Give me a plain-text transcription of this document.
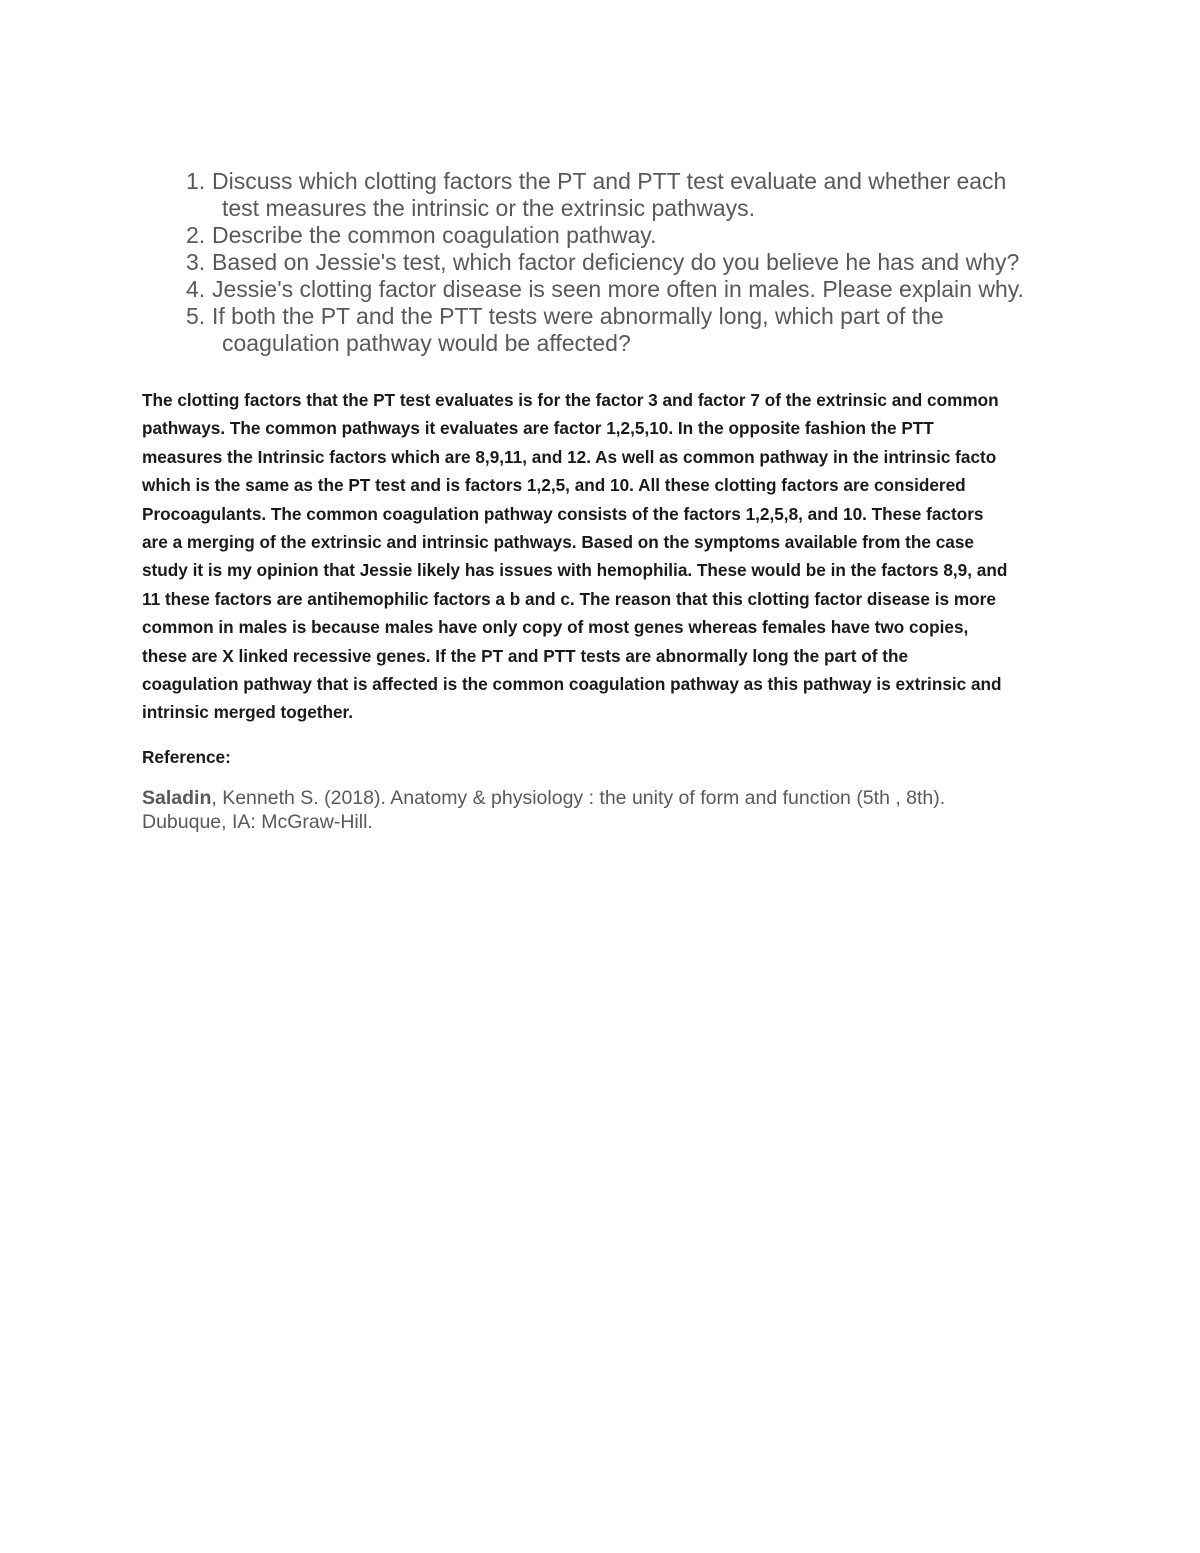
1. Discuss which clotting factors the PT and PTT test evaluate and whether each
test measures the intrinsic or the extrinsic pathways.
2. Describe the common coagulation pathway.
3. Based on Jessie's test, which factor deficiency do you believe he has and why?
4. Jessie's clotting factor disease is seen more often in males. Please explain why.
5. If both the PT and the PTT tests were abnormally long, which part of the
coagulation pathway would be affected?
The clotting factors that the PT test evaluates is for the factor 3 and factor 7 of the extrinsic and common
pathways. The common pathways it evaluates are factor 1,2,5,10. In the opposite fashion the PTT
measures the Intrinsic factors which are 8,9,11, and 12. As well as common pathway in the intrinsic facto
which is the same as the PT test and is factors 1,2,5, and 10. All these clotting factors are considered
Procoagulants. The common coagulation pathway consists of the factors 1,2,5,8, and 10. These factors
are a merging of the extrinsic and intrinsic pathways. Based on the symptoms available from the case
study it is my opinion that Jessie likely has issues with hemophilia. These would be in the factors 8,9, and
11 these factors are antihemophilic factors a b and c. The reason that this clotting factor disease is more
common in males is because males have only copy of most genes whereas females have two copies,
these are X linked recessive genes. If the PT and PTT tests are abnormally long the part of the
coagulation pathway that is affected is the common coagulation pathway as this pathway is extrinsic and
intrinsic merged together.

Reference:

Saladin, Kenneth S. (2018). Anatomy & physiology : the unity of form and function (5th , 8th).
Dubuque, IA: McGraw-Hill.
